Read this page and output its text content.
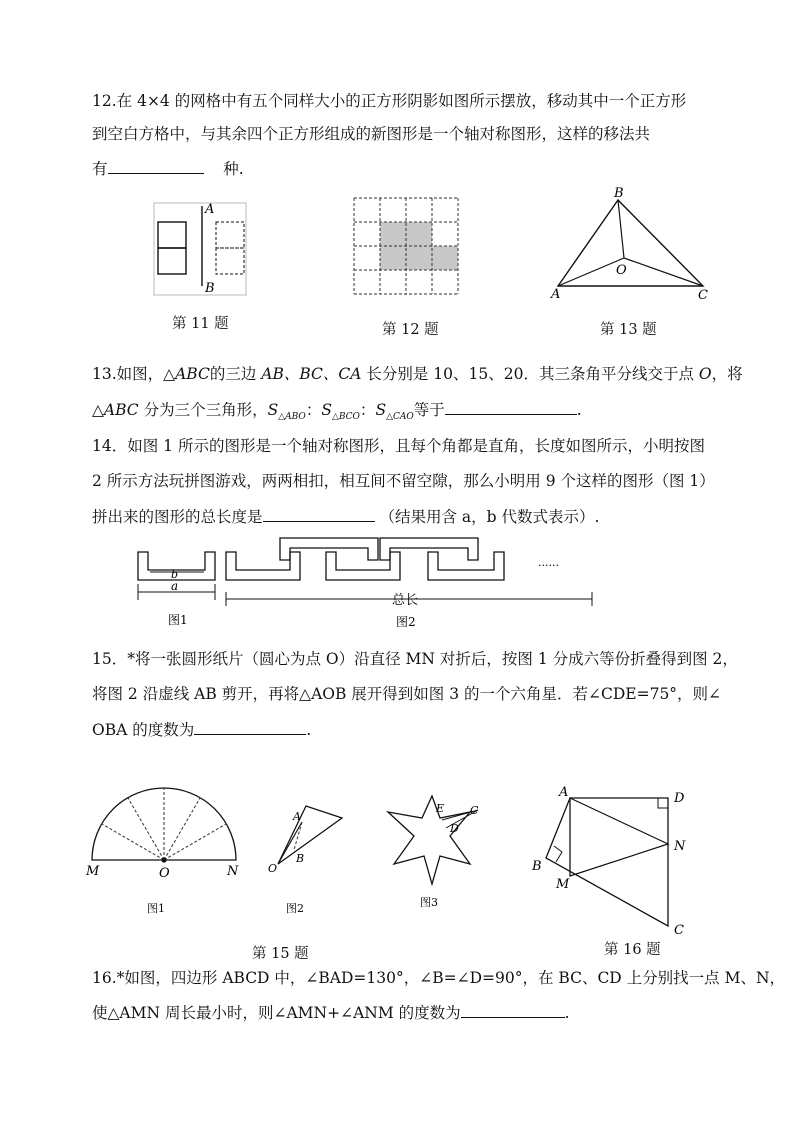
12.在 4×4 的网格中有五个同样大小的正方形阴影如图所示摆放，移动其中一个正方形
到空白方格中，与其余四个正方形组成的新图形是一个轴对称图形，这样的移法共
有	种.
A
B
第 11 题	第 12 题
B
O
A	C
第 13 题
13.如图，△ABC的三边 AB、BC、CA 长分别是 10、15、20．其三条角平分线交于点 O，将
△ABC 分为三个三角形，$S_{\triangle ABO}$：$S_{\triangle BCO}$：$S_{\triangle CAO}$等于	.
14．如图 1 所示的图形是一个轴对称图形，且每个角都是直角，长度如图所示，小明按图
2 所示方法玩拼图游戏，两两相扣，相互间不留空隙，那么小明用 9 个这样的图形（图 1）
拼出来的图形的总长度是	（结果用含 a，b 代数式表示）.
b
a
......
总长
图1	图2
15．*将一张圆形纸片（圆心为点 O）沿直径 MN 对折后，按图 1 分成六等份折叠得到图 2，
将图 2 沿虚线 AB 剪开，再将△AOB 展开得到如图 3 的一个六角星．若∠CDE=75°，则∠
OBA 的度数为	.
M	O	N
图1
A
B
O
图2
E C
D
图3
第 15 题
A	D
N
B
M
C
第 16 题
16.*如图，四边形 ABCD 中，∠BAD=130°，∠B=∠D=90°，在 BC、CD 上分别找一点 M、N，
使△AMN 周长最小时，则∠AMN+∠ANM 的度数为	.
